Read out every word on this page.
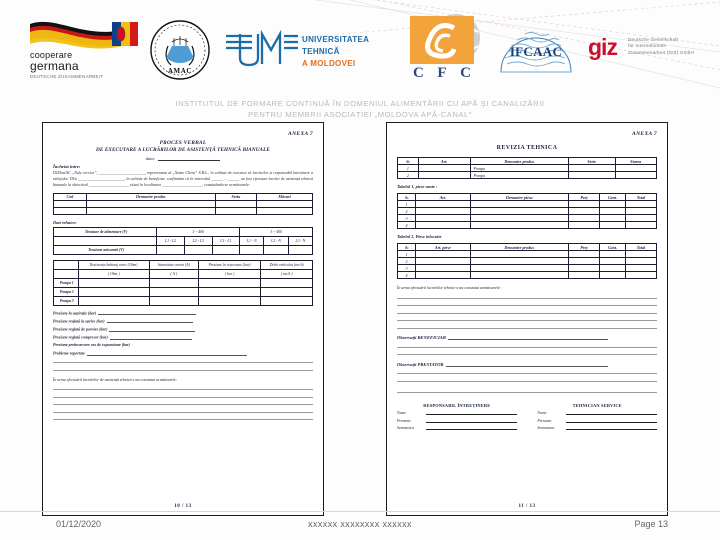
cooperare
germana
DEUTSCHE ZUSAMMENARBEIT
AMAC
UNIVERSITATEA TEHNICĂ
A MOLDOVEI
C F C
IFCAAC	giz Deutsche Gesellschaft
für Internationale
Zusammenarbeit (GIZ) GmbH
INSTITUTUL DE FORMARE CONTINUĂ ÎN DOMENIUL ALIMENTĂRII CU APĂ ȘI CANALIZĂRII
PENTRU MEMBRII ASOCIAȚIEI „MOLDOVA APĂ-CANAL”
ANEXA 7
PROCES VERBAL
DE EXECUTARE A LUCRĂRILOR DE ASISTENȚĂ TEHNICĂ BIANUALE
data:
Încheiat între:
Dl/Dna/SC „Nule service”, _______________________, reprezentant al „Nume Client” S.R.L., în calitate de executor al lucrărilor și responsabil întreținere a utilajului. Dl/a _______________________, în calitate de beneficiar, confirmăm că în intervalul ______ – ______ au fost efectuate lucrări de asistență tehnică bianuale la obiectivul ____________________ situat în localitatea ____________________, constatându-se următoarele:
Cod	Denumire produs	Seria	Măsuri

Date tehnice:
Tensiune de alimentare (V)	3 ~ 400			3 ~ 400		
	L1 - L2	L2 - L3	L3 - L1	L1 - N	L2 - N	L3 - N
Tensiune măsurată (V)						
	Rezistența bobinaj rotor (Ohm)	Intensitate curent (A)	Presiune în rețea max (bar)	Debit vehiculat (mc/h)
	( Ohm )	( A )	( bar )	( mc/h )
Pompa 1				
Pompa 2				
Pompa 3				
Presiune la aspirație (bar)
Presiune reglată la oprire (bar)
Presiune reglată de pornire (bar)
Presiune reglată compresor (bar)
Presiune preîncarcare vas de expansiune (bar)
Probleme raportate
În urma efectuării lucrărilor de asistență tehnică s-au constatat următoarele:
10 / 13
ANEXA 7
REVIZIA TEHNICA
№	Art.	Denumire produs	Serie	Starea
1		Pompa		
2		Pompa		
Tabelul 1, piese uzate :
№	Art.	Denumire piesa	Preț	Cant.	Total
1					
2					
3					
4					
Tabelul 2, Piese înlocuite
№	Art. piese	Denumire produs	Preț	Cant.	Total
1					
2					
3					
4					
În urma efectuării lucrărilor tehnice s-au constatat următoarele:
Observații BENEFICIAR
Observații PRESTATOR
RESPONSABIL ÎNTREȚINERE
Nume
Prenume
Semnatura
TEHNICIAN SERVICE
Nume
Prenume
Semnatura
11 / 13
01/12/2020	xxxxxx xxxxxxxx xxxxxx	Page 13
